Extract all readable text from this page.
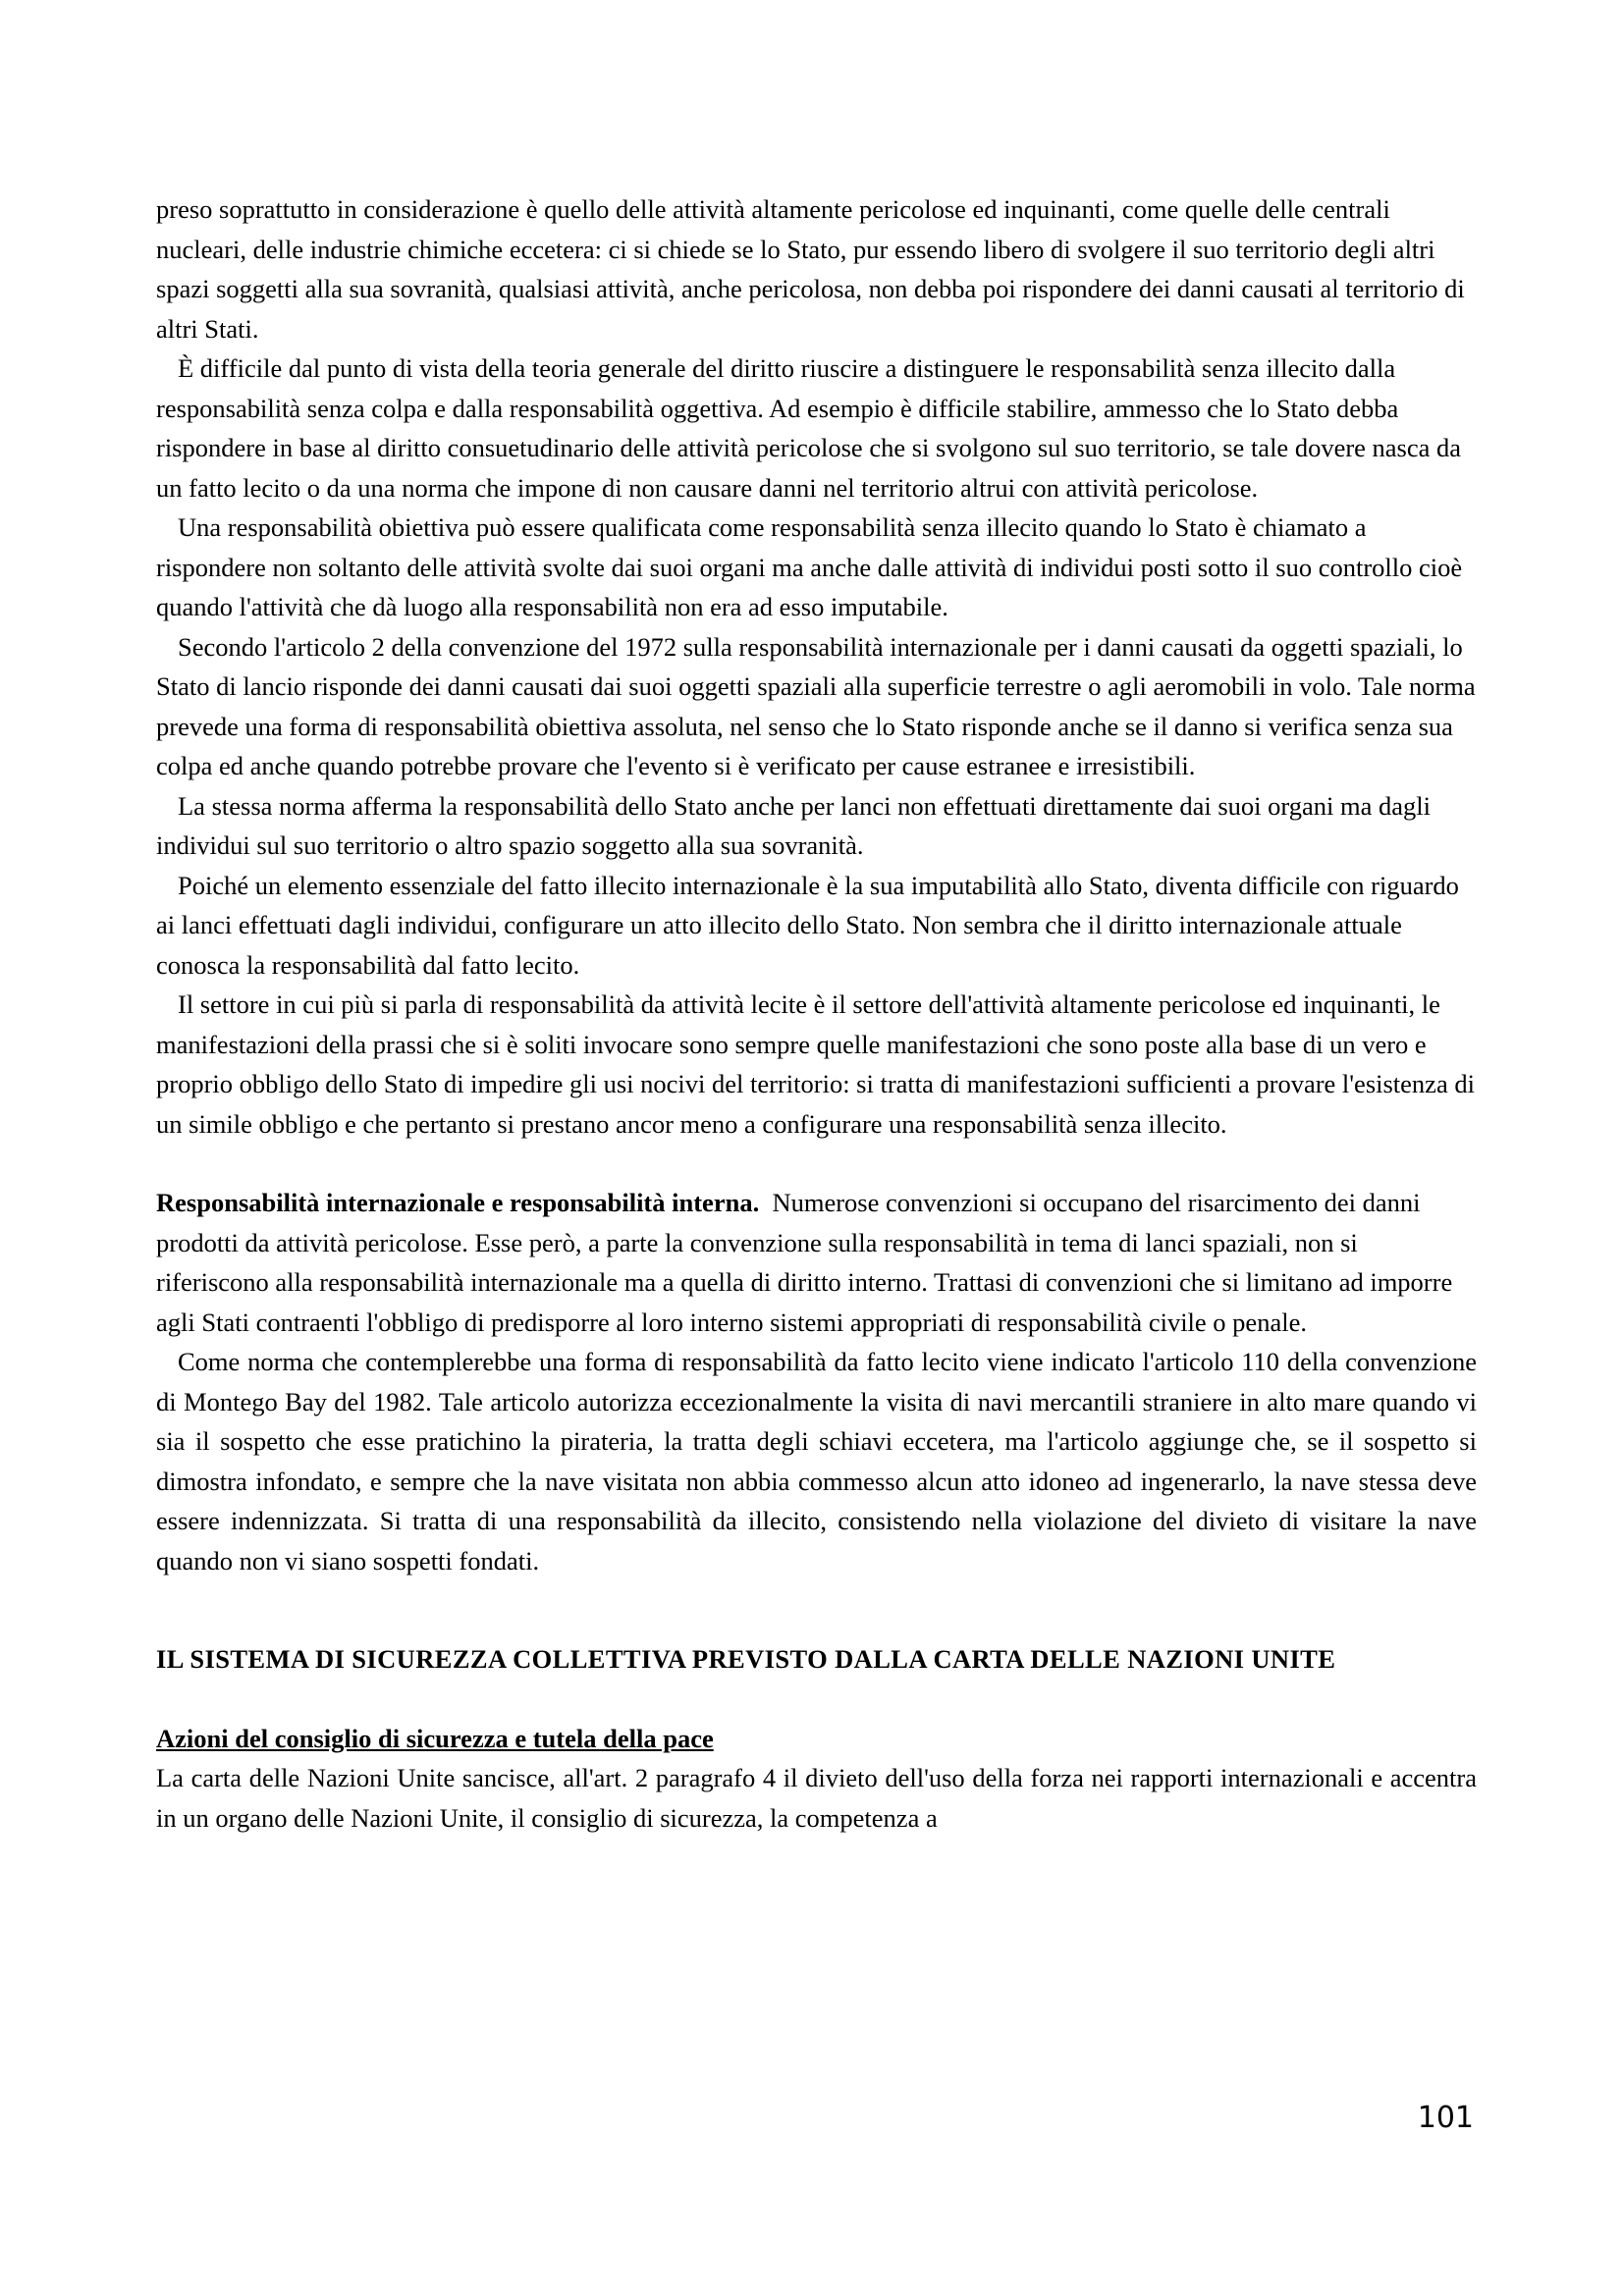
preso soprattutto in considerazione è quello delle attività altamente pericolose ed inquinanti, come quelle delle centrali nucleari, delle industrie chimiche eccetera: ci si chiede se lo Stato, pur essendo libero di svolgere il suo territorio degli altri spazi soggetti alla sua sovranità, qualsiasi attività, anche pericolosa, non debba poi rispondere dei danni causati al territorio di altri Stati.

È difficile dal punto di vista della teoria generale del diritto riuscire a distinguere le responsabilità senza illecito dalla responsabilità senza colpa e dalla responsabilità oggettiva. Ad esempio è difficile stabilire, ammesso che lo Stato debba rispondere in base al diritto consuetudinario delle attività pericolose che si svolgono sul suo territorio, se tale dovere nasca da un fatto lecito o da una norma che impone di non causare danni nel territorio altrui con attività pericolose.

Una responsabilità obiettiva può essere qualificata come responsabilità senza illecito quando lo Stato è chiamato a rispondere non soltanto delle attività svolte dai suoi organi ma anche dalle attività di individui posti sotto il suo controllo cioè quando l'attività che dà luogo alla responsabilità non era ad esso imputabile.

Secondo l'articolo 2 della convenzione del 1972 sulla responsabilità internazionale per i danni causati da oggetti spaziali, lo Stato di lancio risponde dei danni causati dai suoi oggetti spaziali alla superficie terrestre o agli aeromobili in volo. Tale norma prevede una forma di responsabilità obiettiva assoluta, nel senso che lo Stato risponde anche se il danno si verifica senza sua colpa ed anche quando potrebbe provare che l'evento si è verificato per cause estranee e irresistibili.

La stessa norma afferma la responsabilità dello Stato anche per lanci non effettuati direttamente dai suoi organi ma dagli individui sul suo territorio o altro spazio soggetto alla sua sovranità.

Poiché un elemento essenziale del fatto illecito internazionale è la sua imputabilità allo Stato, diventa difficile con riguardo ai lanci effettuati dagli individui, configurare un atto illecito dello Stato. Non sembra che il diritto internazionale attuale conosca la responsabilità dal fatto lecito.

Il settore in cui più si parla di responsabilità da attività lecite è il settore dell'attività altamente pericolose ed inquinanti, le manifestazioni della prassi che si è soliti invocare sono sempre quelle manifestazioni che sono poste alla base di un vero e proprio obbligo dello Stato di impedire gli usi nocivi del territorio: si tratta di manifestazioni sufficienti a provare l'esistenza di un simile obbligo e che pertanto si prestano ancor meno a configurare una responsabilità senza illecito.

Responsabilità internazionale e responsabilità interna. Numerose convenzioni si occupano del risarcimento dei danni prodotti da attività pericolose. Esse però, a parte la convenzione sulla responsabilità in tema di lanci spaziali, non si riferiscono alla responsabilità internazionale ma a quella di diritto interno. Trattasi di convenzioni che si limitano ad imporre agli Stati contraenti l'obbligo di predisporre al loro interno sistemi appropriati di responsabilità civile o penale.

Come norma che contemplerebbe una forma di responsabilità da fatto lecito viene indicato l'articolo 110 della convenzione di Montego Bay del 1982. Tale articolo autorizza eccezionalmente la visita di navi mercantili straniere in alto mare quando vi sia il sospetto che esse pratichino la pirateria, la tratta degli schiavi eccetera, ma l'articolo aggiunge che, se il sospetto si dimostra infondato, e sempre che la nave visitata non abbia commesso alcun atto idoneo ad ingenerarlo, la nave stessa deve essere indennizzata. Si tratta di una responsabilità da illecito, consistendo nella violazione del divieto di visitare la nave quando non vi siano sospetti fondati.

IL SISTEMA DI SICUREZZA COLLETTIVA PREVISTO DALLA CARTA DELLE NAZIONI UNITE

Azioni del consiglio di sicurezza e tutela della pace

La carta delle Nazioni Unite sancisce, all'art. 2 paragrafo 4 il divieto dell'uso della forza nei rapporti internazionali e accentra in un organo delle Nazioni Unite, il consiglio di sicurezza, la competenza a

101
